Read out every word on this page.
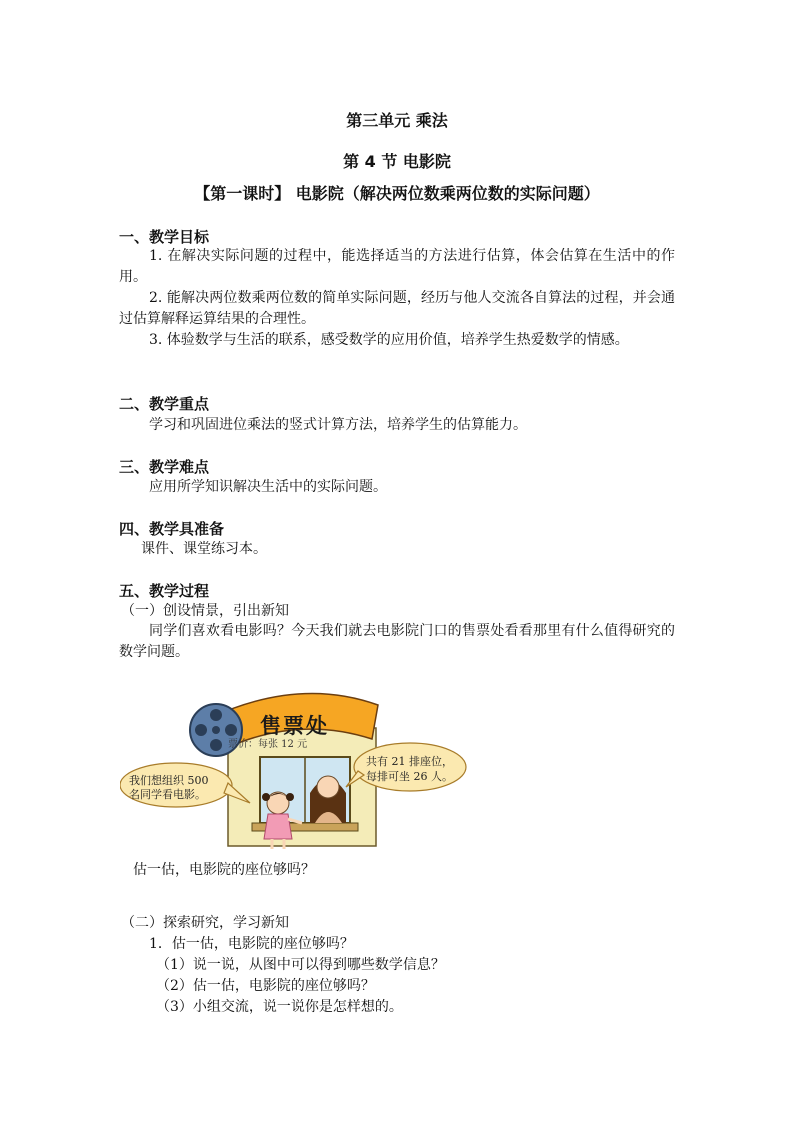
第三单元 乘法
第 4 节 电影院
【第一课时】 电影院（解决两位数乘两位数的实际问题）
一、教学目标
1. 在解决实际问题的过程中，能选择适当的方法进行估算，体会估算在生活中的作用。
2. 能解决两位数乘两位数的简单实际问题，经历与他人交流各自算法的过程，并会通过估算解释运算结果的合理性。
3. 体验数学与生活的联系，感受数学的应用价值，培养学生热爱数学的情感。
二、教学重点
学习和巩固进位乘法的竖式计算方法，培养学生的估算能力。
三、教学难点
应用所学知识解决生活中的实际问题。
四、教学具准备
课件、课堂练习本。
五、教学过程
（一）创设情景，引出新知
同学们喜欢看电影吗？今天我们就去电影院门口的售票处看看那里有什么值得研究的数学问题。
售票处
票价：每张 12 元
我们想组织 500
名同学看电影。
共有 21 排座位，
每排可坐 26 人。
估一估，电影院的座位够吗？
（二）探索研究，学习新知
1．估一估，电影院的座位够吗？
（1）说一说，从图中可以得到哪些数学信息？
（2）估一估，电影院的座位够吗？
（3）小组交流，说一说你是怎样想的。
